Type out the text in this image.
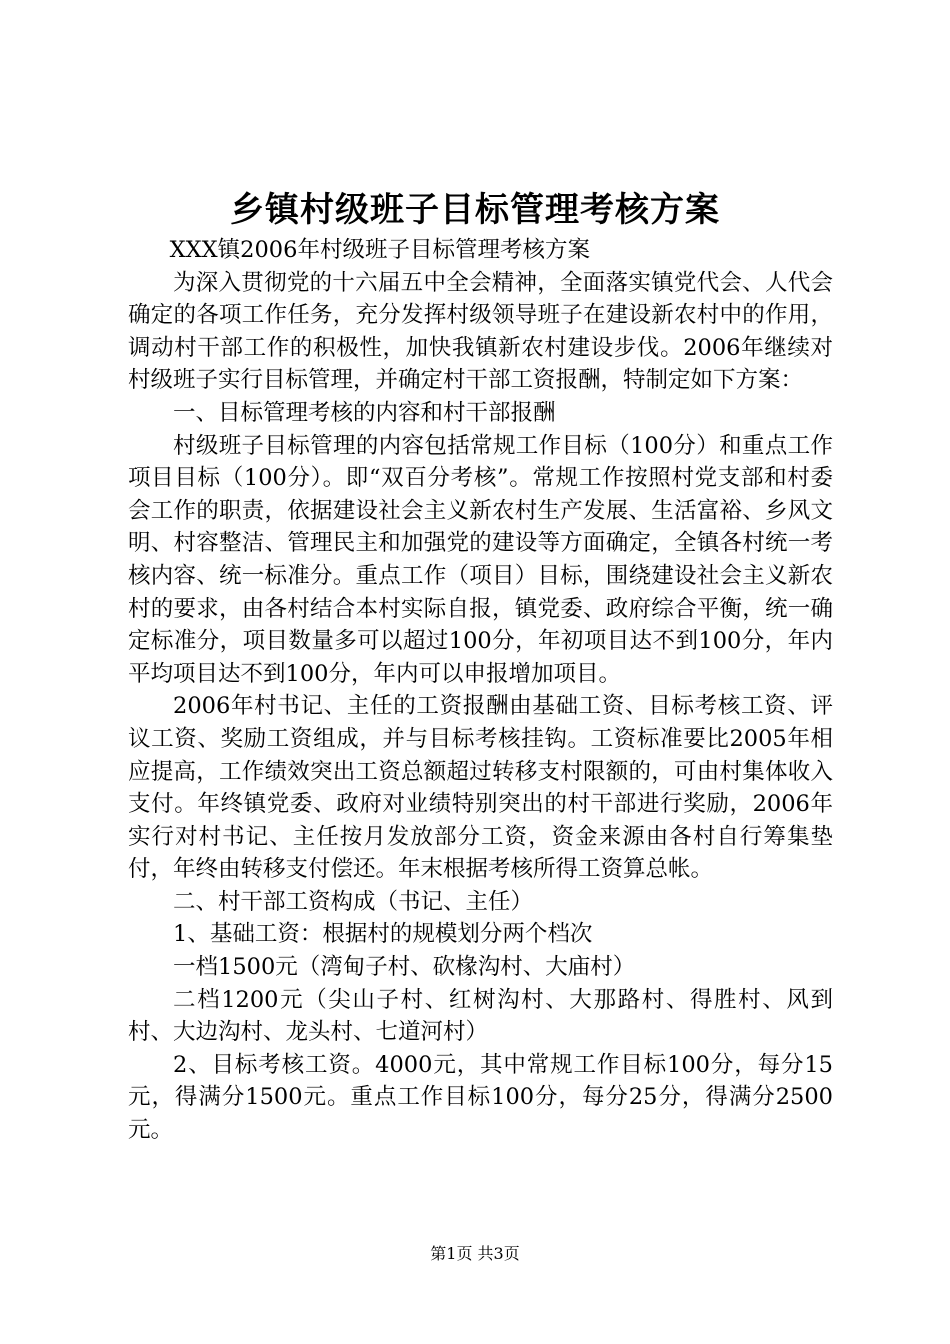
乡镇村级班子目标管理考核方案

XXX镇2006年村级班子目标管理考核方案

为深入贯彻党的十六届五中全会精神，全面落实镇党代会、人代会确定的各项工作任务，充分发挥村级领导班子在建设新农村中的作用，调动村干部工作的积极性，加快我镇新农村建设步伐。2006年继续对村级班子实行目标管理，并确定村干部工资报酬，特制定如下方案：

一、目标管理考核的内容和村干部报酬

村级班子目标管理的内容包括常规工作目标（100分）和重点工作项目目标（100分）。即“双百分考核”。常规工作按照村党支部和村委会工作的职责，依据建设社会主义新农村生产发展、生活富裕、乡风文明、村容整洁、管理民主和加强党的建设等方面确定，全镇各村统一考核内容、统一标准分。重点工作（项目）目标，围绕建设社会主义新农村的要求，由各村结合本村实际自报，镇党委、政府综合平衡，统一确定标准分，项目数量多可以超过100分，年初项目达不到100分，年内平均项目达不到100分，年内可以申报增加项目。

2006年村书记、主任的工资报酬由基础工资、目标考核工资、评议工资、奖励工资组成，并与目标考核挂钩。工资标准要比2005年相应提高，工作绩效突出工资总额超过转移支村限额的，可由村集体收入支付。年终镇党委、政府对业绩特别突出的村干部进行奖励，2006年实行对村书记、主任按月发放部分工资，资金来源由各村自行筹集垫付，年终由转移支付偿还。年末根据考核所得工资算总帐。

二、村干部工资构成（书记、主任）

1、基础工资：根据村的规模划分两个档次

一档1500元（湾甸子村、砍椽沟村、大庙村）

二档1200元（尖山子村、红树沟村、大那路村、得胜村、风到村、大边沟村、龙头村、七道河村）

2、目标考核工资。4000元，其中常规工作目标100分，每分15元，得满分1500元。重点工作目标100分，每分25分，得满分2500元。

第1页 共3页
